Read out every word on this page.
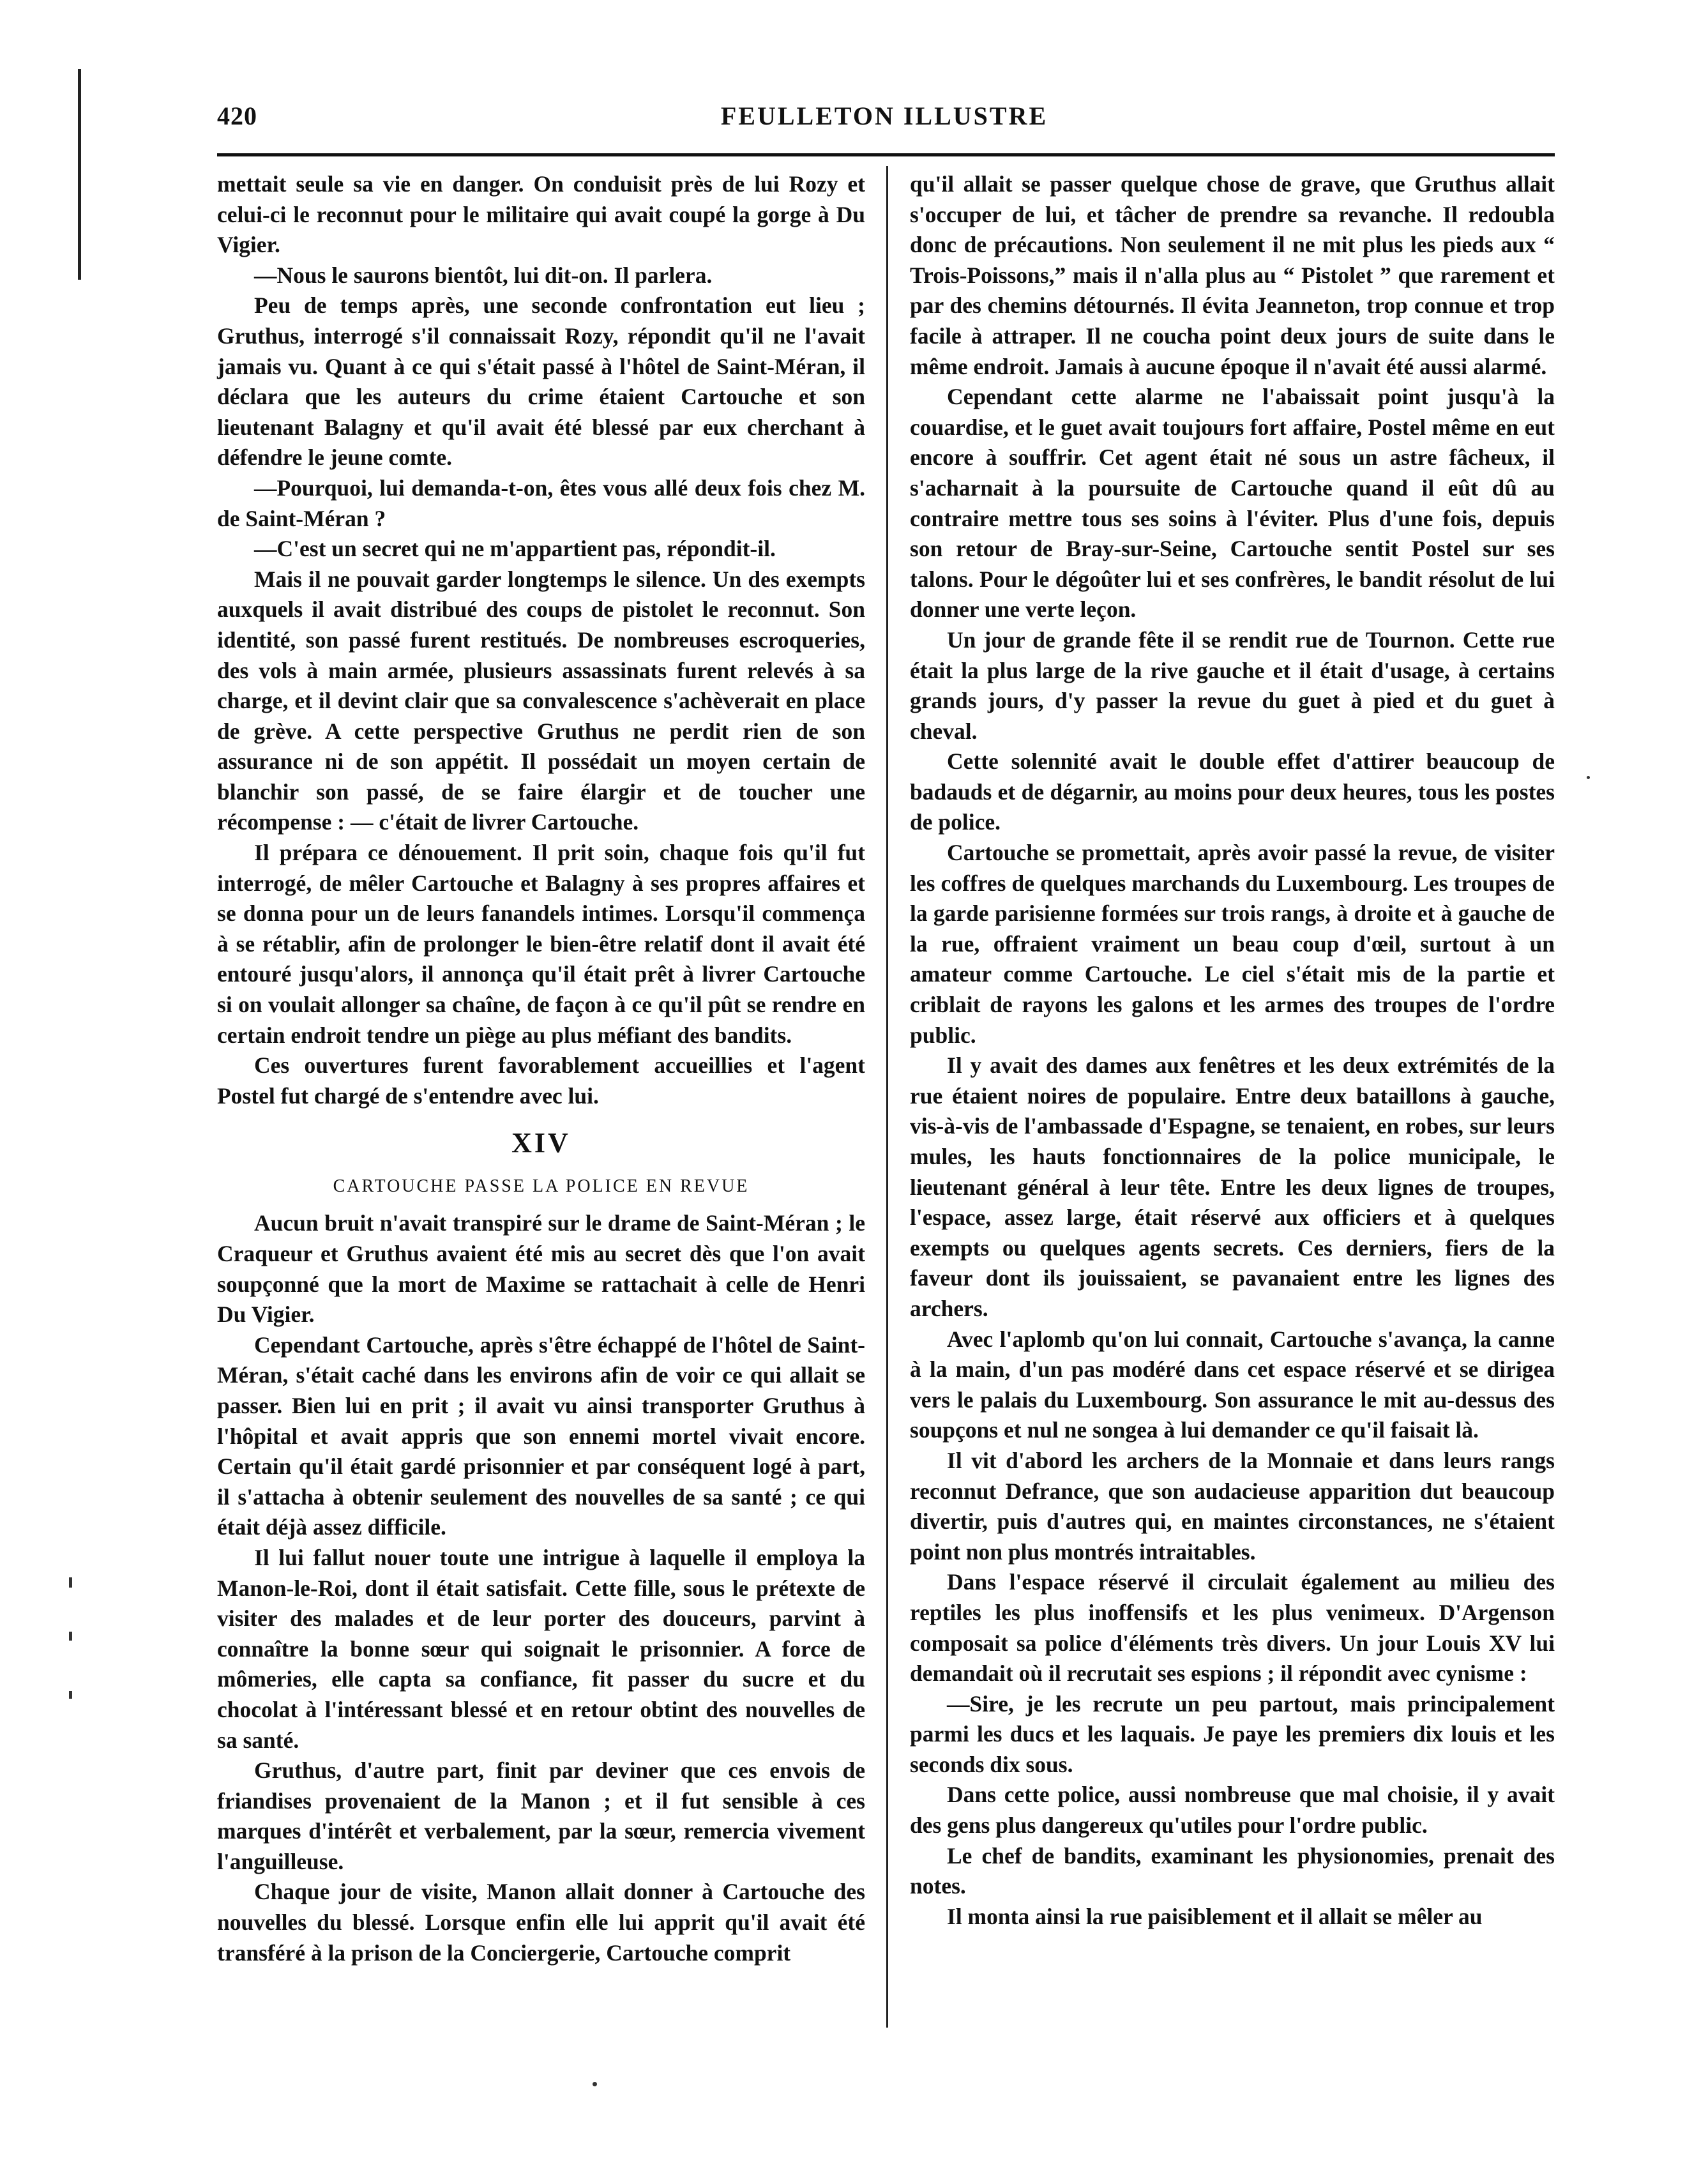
420	FEULLETON ILLUSTRE

mettait seule sa vie en danger. On conduisit près de lui Rozy et celui-ci le reconnut pour le militaire qui avait coupé la gorge à Du Vigier.

—Nous le saurons bientôt, lui dit-on. Il parlera.

Peu de temps après, une seconde confrontation eut lieu ; Gruthus, interrogé s'il connaissait Rozy, répondit qu'il ne l'avait jamais vu. Quant à ce qui s'était passé à l'hôtel de Saint-Méran, il déclara que les auteurs du crime étaient Cartouche et son lieutenant Balagny et qu'il avait été blessé par eux cherchant à défendre le jeune comte.

—Pourquoi, lui demanda-t-on, êtes vous allé deux fois chez M. de Saint-Méran ?

—C'est un secret qui ne m'appartient pas, répondit-il.

Mais il ne pouvait garder longtemps le silence. Un des exempts auxquels il avait distribué des coups de pistolet le reconnut. Son identité, son passé furent restitués. De nombreuses escroqueries, des vols à main armée, plusieurs assassinats furent relevés à sa charge, et il devint clair que sa convalescence s'achèverait en place de grève. A cette perspective Gruthus ne perdit rien de son assurance ni de son appétit. Il possédait un moyen certain de blanchir son passé, de se faire élargir et de toucher une récompense : — c'était de livrer Cartouche.

Il prépara ce dénouement. Il prit soin, chaque fois qu'il fut interrogé, de mêler Cartouche et Balagny à ses propres affaires et se donna pour un de leurs fanandels intimes. Lorsqu'il commença à se rétablir, afin de prolonger le bien-être relatif dont il avait été entouré jusqu'alors, il annonça qu'il était prêt à livrer Cartouche si on voulait allonger sa chaîne, de façon à ce qu'il pût se rendre en certain endroit tendre un piège au plus méfiant des bandits.

Ces ouvertures furent favorablement accueillies et l'agent Postel fut chargé de s'entendre avec lui.

XIV
CARTOUCHE PASSE LA POLICE EN REVUE

Aucun bruit n'avait transpiré sur le drame de Saint-Méran ; le Craqueur et Gruthus avaient été mis au secret dès que l'on avait soupçonné que la mort de Maxime se rattachait à celle de Henri Du Vigier.

Cependant Cartouche, après s'être échappé de l'hôtel de Saint-Méran, s'était caché dans les environs afin de voir ce qui allait se passer. Bien lui en prit ; il avait vu ainsi transporter Gruthus à l'hôpital et avait appris que son ennemi mortel vivait encore. Certain qu'il était gardé prisonnier et par conséquent logé à part, il s'attacha à obtenir seulement des nouvelles de sa santé ; ce qui était déjà assez difficile.

Il lui fallut nouer toute une intrigue à laquelle il employa la Manon-le-Roi, dont il était satisfait. Cette fille, sous le prétexte de visiter des malades et de leur porter des douceurs, parvint à connaître la bonne sœur qui soignait le prisonnier. A force de mômeries, elle capta sa confiance, fit passer du sucre et du chocolat à l'intéressant blessé et en retour obtint des nouvelles de sa santé.

Gruthus, d'autre part, finit par deviner que ces envois de friandises provenaient de la Manon ; et il fut sensible à ces marques d'intérêt et verbalement, par la sœur, remercia vivement l'anguilleuse.

Chaque jour de visite, Manon allait donner à Cartouche des nouvelles du blessé. Lorsque enfin elle lui apprit qu'il avait été transféré à la prison de la Conciergerie, Cartouche comprit

qu'il allait se passer quelque chose de grave, que Gruthus allait s'occuper de lui, et tâcher de prendre sa revanche. Il redoubla donc de précautions. Non seulement il ne mit plus les pieds aux “ Trois-Poissons,” mais il n'alla plus au “ Pistolet ” que rarement et par des chemins détournés. Il évita Jeanneton, trop connue et trop facile à attraper. Il ne coucha point deux jours de suite dans le même endroit. Jamais à aucune époque il n'avait été aussi alarmé.

Cependant cette alarme ne l'abaissait point jusqu'à la couardise, et le guet avait toujours fort affaire, Postel même en eut encore à souffrir. Cet agent était né sous un astre fâcheux, il s'acharnait à la poursuite de Cartouche quand il eût dû au contraire mettre tous ses soins à l'éviter. Plus d'une fois, depuis son retour de Bray-sur-Seine, Cartouche sentit Postel sur ses talons. Pour le dégoûter lui et ses confrères, le bandit résolut de lui donner une verte leçon.

Un jour de grande fête il se rendit rue de Tournon. Cette rue était la plus large de la rive gauche et il était d'usage, à certains grands jours, d'y passer la revue du guet à pied et du guet à cheval.

Cette solennité avait le double effet d'attirer beaucoup de badauds et de dégarnir, au moins pour deux heures, tous les postes de police.

Cartouche se promettait, après avoir passé la revue, de visiter les coffres de quelques marchands du Luxembourg. Les troupes de la garde parisienne formées sur trois rangs, à droite et à gauche de la rue, offraient vraiment un beau coup d'œil, surtout à un amateur comme Cartouche. Le ciel s'était mis de la partie et criblait de rayons les galons et les armes des troupes de l'ordre public.

Il y avait des dames aux fenêtres et les deux extrémités de la rue étaient noires de populaire. Entre deux bataillons à gauche, vis-à-vis de l'ambassade d'Espagne, se tenaient, en robes, sur leurs mules, les hauts fonctionnaires de la police municipale, le lieutenant général à leur tête. Entre les deux lignes de troupes, l'espace, assez large, était réservé aux officiers et à quelques exempts ou quelques agents secrets. Ces derniers, fiers de la faveur dont ils jouissaient, se pavanaient entre les lignes des archers.

Avec l'aplomb qu'on lui connait, Cartouche s'avança, la canne à la main, d'un pas modéré dans cet espace réservé et se dirigea vers le palais du Luxembourg. Son assurance le mit au-dessus des soupçons et nul ne songea à lui demander ce qu'il faisait là.

Il vit d'abord les archers de la Monnaie et dans leurs rangs reconnut Defrance, que son audacieuse apparition dut beaucoup divertir, puis d'autres qui, en maintes circonstances, ne s'étaient point non plus montrés intraitables.

Dans l'espace réservé il circulait également au milieu des reptiles les plus inoffensifs et les plus venimeux. D'Argenson composait sa police d'éléments très divers. Un jour Louis XV lui demandait où il recrutait ses espions ; il répondit avec cynisme :

—Sire, je les recrute un peu partout, mais principalement parmi les ducs et les laquais. Je paye les premiers dix louis et les seconds dix sous.

Dans cette police, aussi nombreuse que mal choisie, il y avait des gens plus dangereux qu'utiles pour l'ordre public.

Le chef de bandits, examinant les physionomies, prenait des notes.

Il monta ainsi la rue paisiblement et il allait se mêler au
